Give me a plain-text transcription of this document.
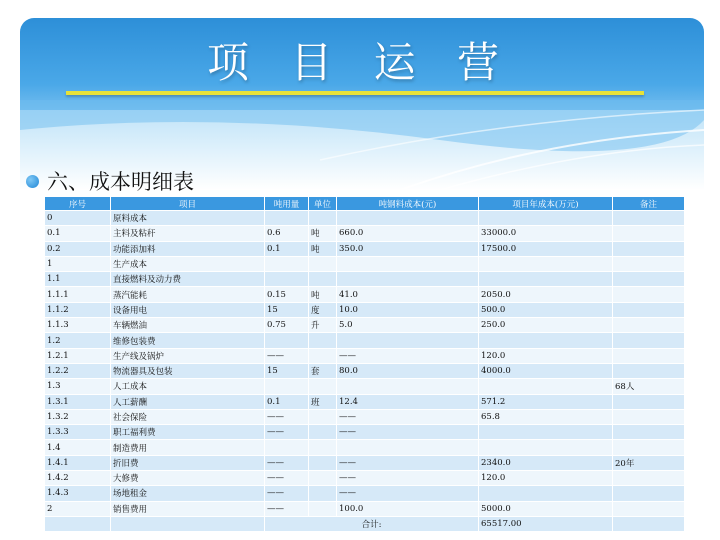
项 目 运 营
六、成本明细表
序号	项目	吨用量	单位	吨钢料成本(元)	项目年成本(万元)	备注
0	原料成本					
0.1	主料及粘秆	0.6	吨	660.0	33000.0	
0.2	功能添加料	0.1	吨	350.0	17500.0	
1	生产成本					
1.1	直接燃料及动力费					
1.1.1	蒸汽能耗	0.15	吨	41.0	2050.0	
1.1.2	设备用电	15	度	10.0	500.0	
1.1.3	车辆燃油	0.75	升	5.0	250.0	
1.2	维修包装费					
1.2.1	生产线及锅炉	——		——	120.0	
1.2.2	物流器具及包装	15	套	80.0	4000.0	
1.3	人工成本					68人
1.3.1	人工薪酬	0.1	班	12.4	571.2	
1.3.2	社会保险	——		——	65.8	
1.3.3	职工福利费	——		——		
1.4	制造费用					
1.4.1	折旧费	——		——	2340.0	20年
1.4.2	大修费	——		——	120.0	
1.4.3	场地租金	——		——		
2	销售费用	——		100.0	5000.0	
		合计:			65517.00	
